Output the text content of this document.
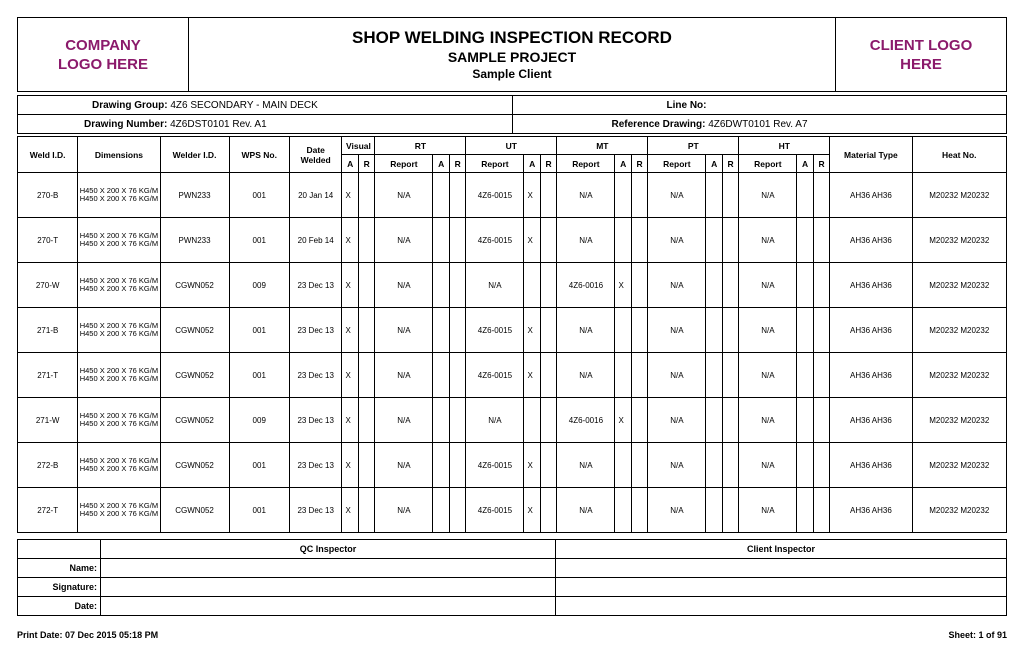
COMPANY LOGO HERE

SHOP WELDING INSPECTION RECORD
SAMPLE PROJECT
Sample Client

CLIENT LOGO HERE
Drawing Group: 4Z6 SECONDARY - MAIN DECK	Line No:
Drawing Number: 4Z6DST0101 Rev. A1	Reference Drawing: 4Z6DWT0101 Rev. A7
Weld I.D.	Dimensions	Welder I.D.	WPS No.	Date Welded	Visual		RT			UT			MT			PT			HT			Material Type	Heat No.
					A	R	Report	A	R	Report	A	R	Report	A	R	Report	A	R	Report	A	R		
270-B	H450 X 200 X 76 KG/M H450 X 200 X 76 KG/M	PWN233	001	20 Jan 14	X		N/A			4Z6-0015	X		N/A			N/A			N/A			AH36 AH36	M20232 M20232
270-T	H450 X 200 X 76 KG/M H450 X 200 X 76 KG/M	PWN233	001	20 Feb 14	X		N/A			4Z6-0015	X		N/A			N/A			N/A			AH36 AH36	M20232 M20232
270-W	H450 X 200 X 76 KG/M H450 X 200 X 76 KG/M	CGWN052	009	23 Dec 13	X		N/A			N/A			4Z6-0016	X		N/A			N/A			AH36 AH36	M20232 M20232
271-B	H450 X 200 X 76 KG/M H450 X 200 X 76 KG/M	CGWN052	001	23 Dec 13	X		N/A			4Z6-0015	X		N/A			N/A			N/A			AH36 AH36	M20232 M20232
271-T	H450 X 200 X 76 KG/M H450 X 200 X 76 KG/M	CGWN052	001	23 Dec 13	X		N/A			4Z6-0015	X		N/A			N/A			N/A			AH36 AH36	M20232 M20232
271-W	H450 X 200 X 76 KG/M H450 X 200 X 76 KG/M	CGWN052	009	23 Dec 13	X		N/A			N/A			4Z6-0016	X		N/A			N/A			AH36 AH36	M20232 M20232
272-B	H450 X 200 X 76 KG/M H450 X 200 X 76 KG/M	CGWN052	001	23 Dec 13	X		N/A			4Z6-0015	X		N/A			N/A			N/A			AH36 AH36	M20232 M20232
272-T	H450 X 200 X 76 KG/M H450 X 200 X 76 KG/M	CGWN052	001	23 Dec 13	X		N/A			4Z6-0015	X		N/A			N/A			N/A			AH36 AH36	M20232 M20232
	QC Inspector	Client Inspector
Name:		
Signature:		
Date:		
Print Date: 07 Dec 2015 05:18 PM	Sheet: 1 of 91
